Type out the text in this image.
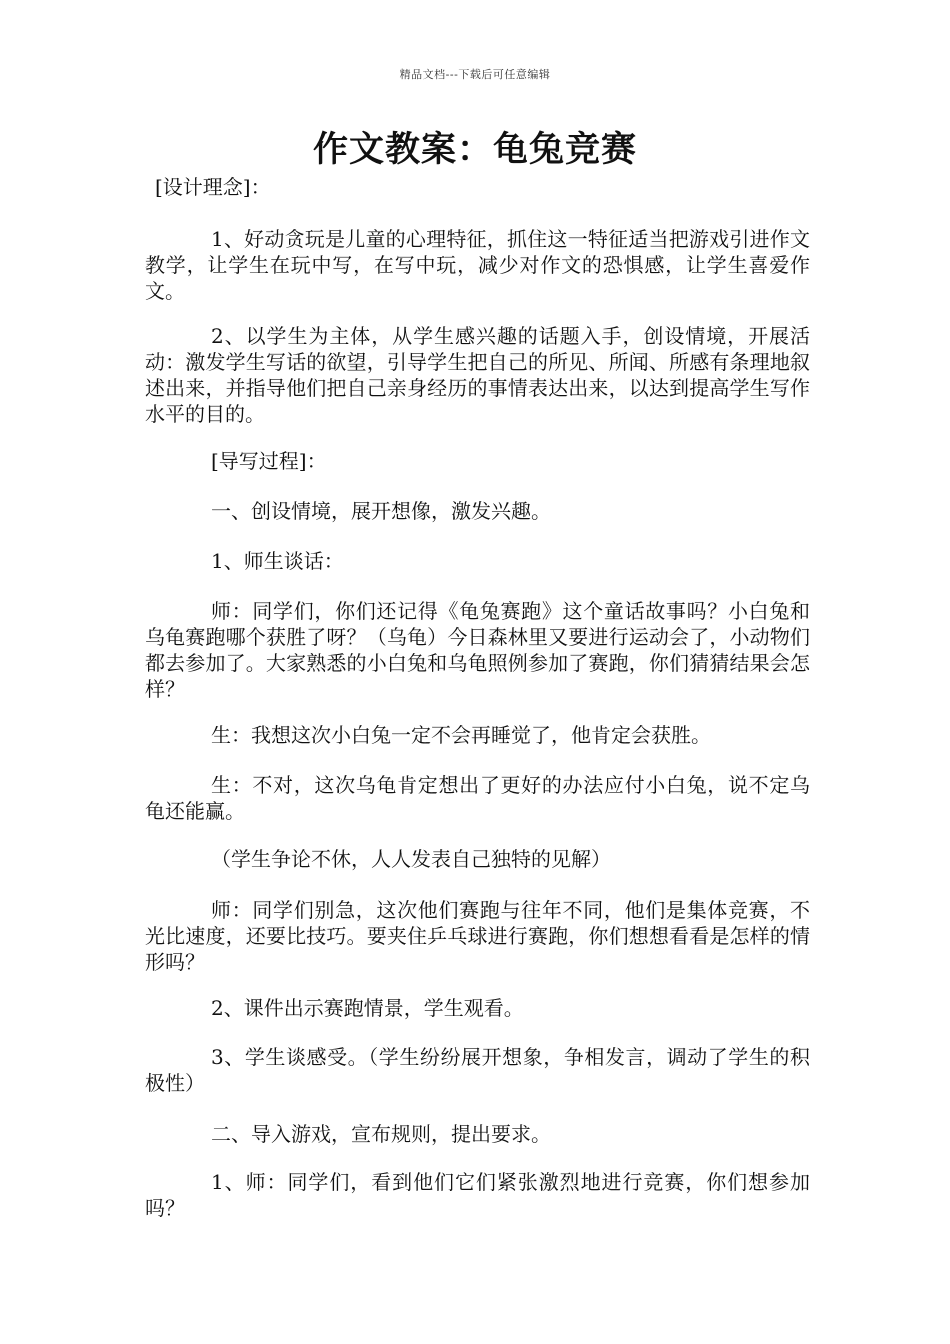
精品文档---下载后可任意编辑
作文教案：龟兔竞赛

[设计理念]：

1、好动贪玩是儿童的心理特征，抓住这一特征适当把游戏引进作文教学，让学生在玩中写，在写中玩，减少对作文的恐惧感，让学生喜爱作文。

2、以学生为主体，从学生感兴趣的话题入手，创设情境，开展活动：激发学生写话的欲望，引导学生把自己的所见、所闻、所感有条理地叙述出来，并指导他们把自己亲身经历的事情表达出来，以达到提高学生写作水平的目的。

[导写过程]：

一、创设情境，展开想像，激发兴趣。

1、师生谈话：

师：同学们，你们还记得《龟兔赛跑》这个童话故事吗？小白兔和乌龟赛跑哪个获胜了呀？（乌龟）今日森林里又要进行运动会了，小动物们都去参加了。大家熟悉的小白兔和乌龟照例参加了赛跑，你们猜猜结果会怎样？

生：我想这次小白兔一定不会再睡觉了，他肯定会获胜。

生：不对，这次乌龟肯定想出了更好的办法应付小白兔，说不定乌龟还能赢。

（学生争论不休，人人发表自己独特的见解）

师：同学们别急，这次他们赛跑与往年不同，他们是集体竞赛，不光比速度，还要比技巧。要夹住乒乓球进行赛跑，你们想想看看是怎样的情形吗？

2、课件出示赛跑情景，学生观看。

3、学生谈感受。（学生纷纷展开想象，争相发言，调动了学生的积极性）

二、导入游戏，宣布规则，提出要求。

1、师：同学们，看到他们它们紧张激烈地进行竞赛，你们想参加吗？
